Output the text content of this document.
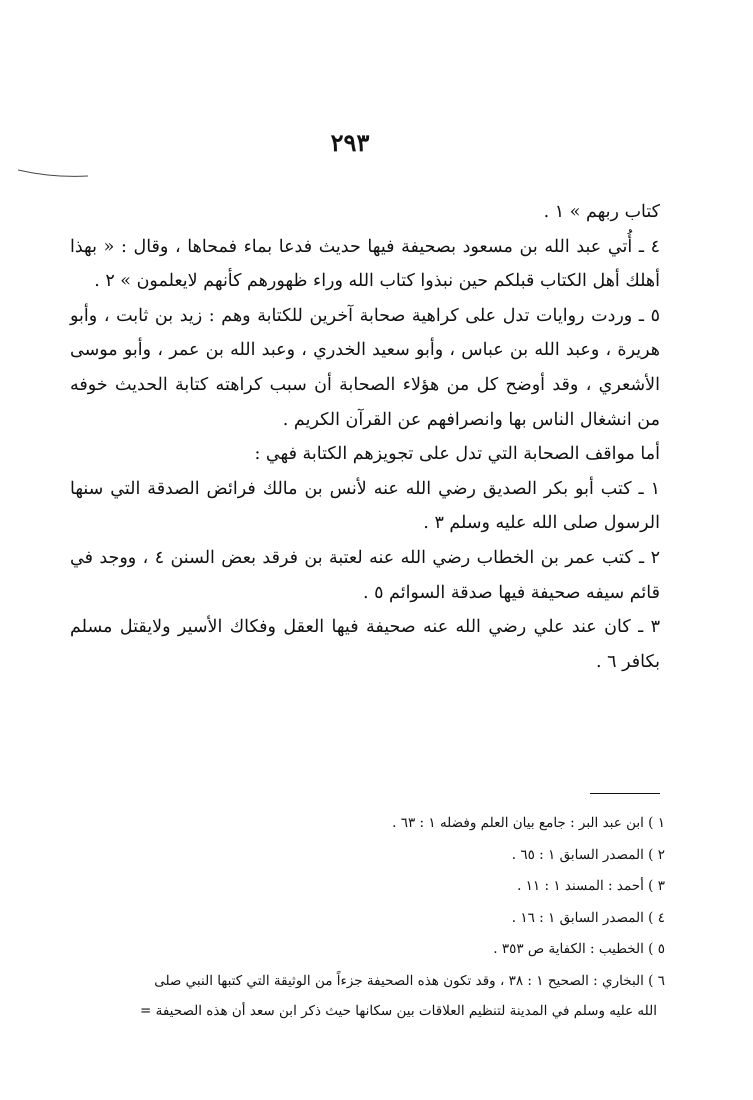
٢٩٣

كتاب ربهم » ١ .

٤ ـ أُتي عبد الله بن مسعود بصحيفة فيها حديث فدعا بماء فمحاها ، وقال : « بهذا أهلك أهل الكتاب قبلكم حين نبذوا كتاب الله وراء ظهورهم كأنهم لايعلمون » ٢ .

٥ ـ وردت روايات تدل على كراهية صحابة آخرين للكتابة وهم : زيد بن ثابت ، وأبو هريرة ، وعبد الله بن عباس ، وأبو سعيد الخدري ، وعبد الله بن عمر ، وأبو موسى الأشعري ، وقد أوضح كل من هؤلاء الصحابة أن سبب كراهته كتابة الحديث خوفه من انشغال الناس بها وانصرافهم عن القرآن الكريم .

أما مواقف الصحابة التي تدل على تجويزهم الكتابة فهي :

١ ـ كتب أبو بكر الصديق رضي الله عنه لأنس بن مالك فرائض الصدقة التي سنها الرسول صلى الله عليه وسلم ٣ .

٢ ـ كتب عمر بن الخطاب رضي الله عنه لعتبة بن فرقد بعض السنن ٤ ، ووجد في قائم سيفه صحيفة فيها صدقة السوائم ٥ .

٣ ـ كان عند علي رضي الله عنه صحيفة فيها العقل وفكاك الأسير ولايقتل مسلم بكافر ٦ .

١ ) ابن عبد البر : جامع بيان العلم وفضله ١ : ٦٣ .

٢ ) المصدر السابق ١ : ٦٥ .

٣ ) أحمد : المسند ١ : ١١ .

٤ ) المصدر السابق ١ : ١٦ .

٥ ) الخطيب : الكفاية ص ٣٥٣ .

٦ ) البخاري : الصحيح ١ : ٣٨ ، وقد تكون هذه الصحيفة جزءاً من الوثيقة التي كتبها النبي صلى

الله عليه وسلم في المدينة لتنظيم العلاقات بين سكانها حيث ذكر ابن سعد أن هذه الصحيفة =
